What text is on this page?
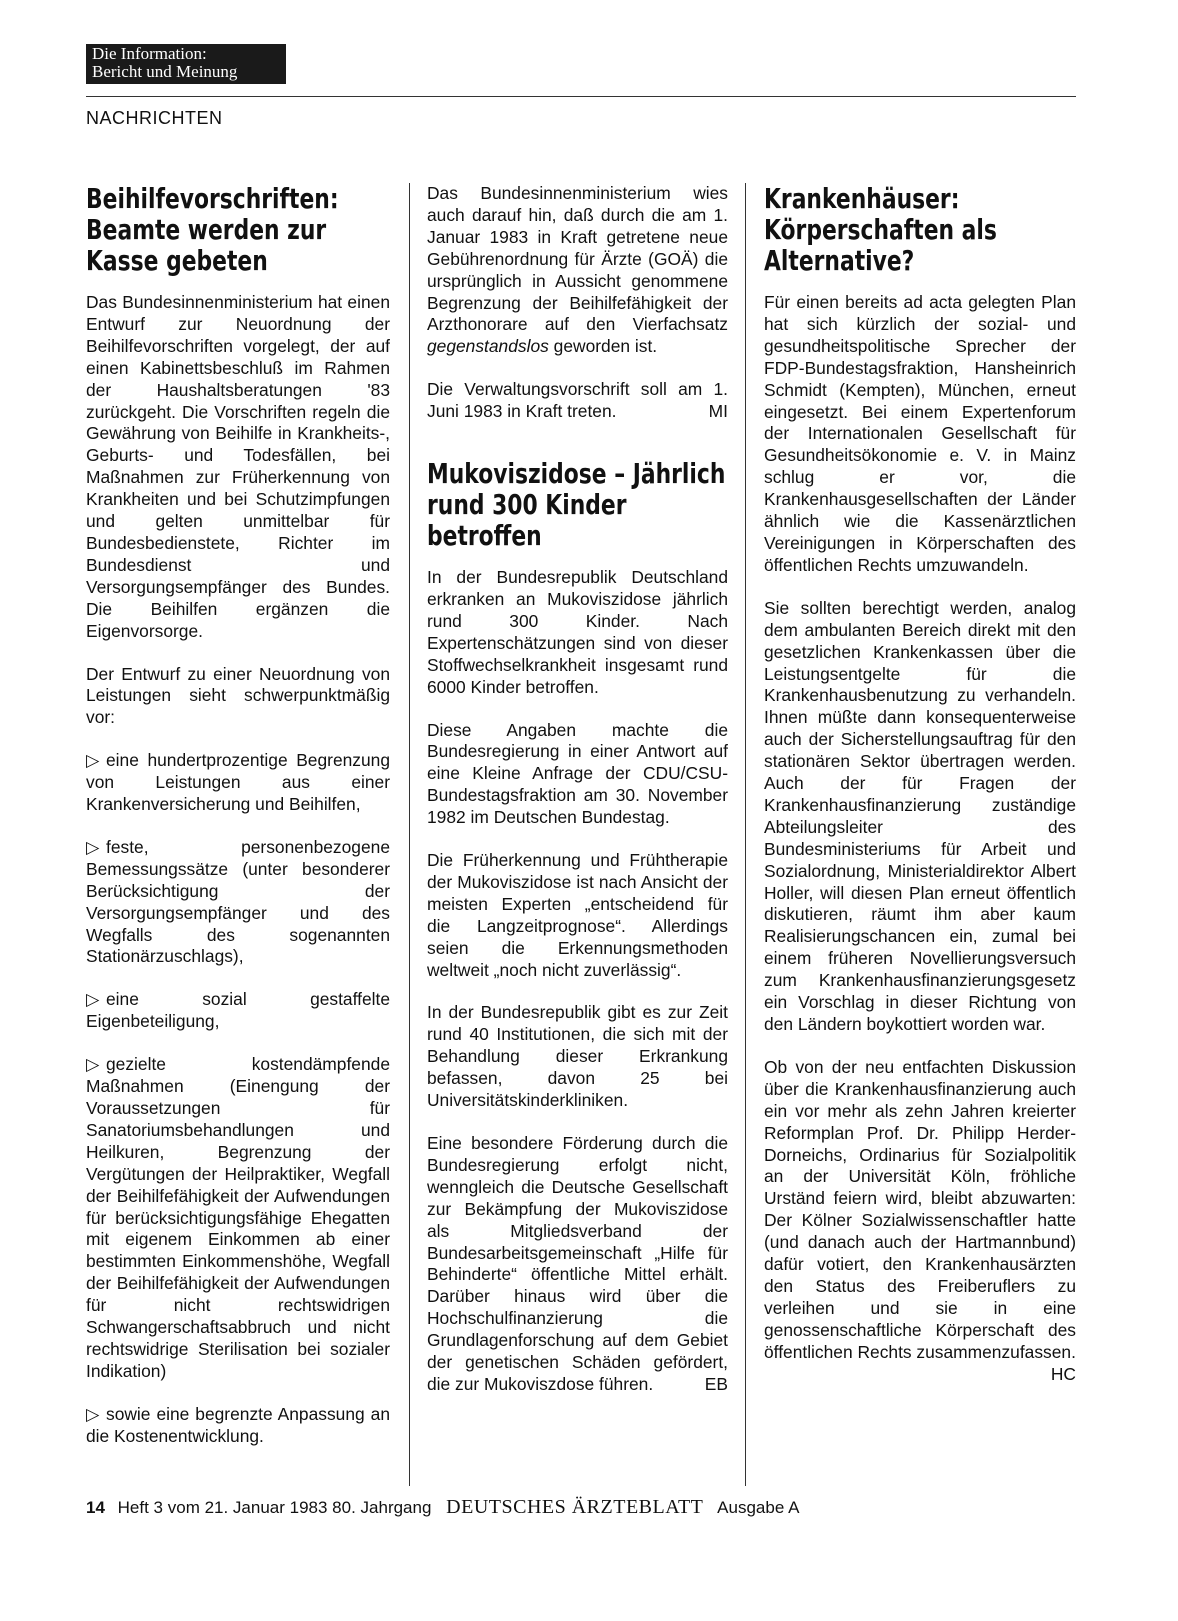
Die Information:
Bericht und Meinung
NACHRICHTEN
Beihilfevorschriften: Beamte werden zur Kasse gebeten

Das Bundesinnenministerium hat einen Entwurf zur Neuordnung der Beihilfevorschriften vorgelegt, der auf einen Kabinettsbeschluß im Rahmen der Haushaltsberatungen '83 zurückgeht. Die Vorschriften regeln die Gewährung von Beihilfe in Krankheits-, Geburts- und Todesfällen, bei Maßnahmen zur Früherkennung von Krankheiten und bei Schutzimpfungen und gelten unmittelbar für Bundesbedienstete, Richter im Bundesdienst und Versorgungsempfänger des Bundes. Die Beihilfen ergänzen die Eigenvorsorge.

Der Entwurf zu einer Neuordnung von Leistungen sieht schwerpunktmäßig vor:

▷ eine hundertprozentige Begrenzung von Leistungen aus einer Krankenversicherung und Beihilfen,

▷ feste, personenbezogene Bemessungssätze (unter besonderer Berücksichtigung der Versorgungsempfänger und des Wegfalls des sogenannten Stationärzuschlags),

▷ eine sozial gestaffelte Eigenbeteiligung,

▷ gezielte kostendämpfende Maßnahmen (Einengung der Voraussetzungen für Sanatoriumsbehandlungen und Heilkuren, Begrenzung der Vergütungen der Heilpraktiker, Wegfall der Beihilfefähigkeit der Aufwendungen für berücksichtigungsfähige Ehegatten mit eigenem Einkommen ab einer bestimmten Einkommenshöhe, Wegfall der Beihilfefähigkeit der Aufwendungen für nicht rechtswidrigen Schwangerschaftsabbruch und nicht rechtswidrige Sterilisation bei sozialer Indikation)

▷ sowie eine begrenzte Anpassung an die Kostenentwicklung.

Das Bundesinnenministerium wies auch darauf hin, daß durch die am 1. Januar 1983 in Kraft getretene neue Gebührenordnung für Ärzte (GOÄ) die ursprünglich in Aussicht genommene Begrenzung der Beihilfefähigkeit der Arzthonorare auf den Vierfachsatz gegenstandslos geworden ist.

Die Verwaltungsvorschrift soll am 1. Juni 1983 in Kraft treten.	MI

Mukoviszidose – Jährlich rund 300 Kinder betroffen

In der Bundesrepublik Deutschland erkranken an Mukoviszidose jährlich rund 300 Kinder. Nach Expertenschätzungen sind von dieser Stoffwechselkrankheit insgesamt rund 6000 Kinder betroffen.

Diese Angaben machte die Bundesregierung in einer Antwort auf eine Kleine Anfrage der CDU/CSU-Bundestagsfraktion am 30. November 1982 im Deutschen Bundestag.

Die Früherkennung und Frühtherapie der Mukoviszidose ist nach Ansicht der meisten Experten „entscheidend für die Langzeitprognose“. Allerdings seien die Erkennungsmethoden weltweit „noch nicht zuverlässig“.

In der Bundesrepublik gibt es zur Zeit rund 40 Institutionen, die sich mit der Behandlung dieser Erkrankung befassen, davon 25 bei Universitätskinderkliniken.

Eine besondere Förderung durch die Bundesregierung erfolgt nicht, wenngleich die Deutsche Gesellschaft zur Bekämpfung der Mukoviszidose als Mitgliedsverband der Bundesarbeitsgemeinschaft „Hilfe für Behinderte“ öffentliche Mittel erhält. Darüber hinaus wird über die Hochschulfinanzierung die Grundlagenforschung auf dem Gebiet der genetischen Schäden gefördert, die zur Mukoviszdose führen.	EB

Krankenhäuser: Körperschaften als Alternative?

Für einen bereits ad acta gelegten Plan hat sich kürzlich der sozial- und gesundheitspolitische Sprecher der FDP-Bundestagsfraktion, Hansheinrich Schmidt (Kempten), München, erneut eingesetzt. Bei einem Expertenforum der Internationalen Gesellschaft für Gesundheitsökonomie e. V. in Mainz schlug er vor, die Krankenhausgesellschaften der Länder ähnlich wie die Kassenärztlichen Vereinigungen in Körperschaften des öffentlichen Rechts umzuwandeln.

Sie sollten berechtigt werden, analog dem ambulanten Bereich direkt mit den gesetzlichen Krankenkassen über die Leistungsentgelte für die Krankenhausbenutzung zu verhandeln. Ihnen müßte dann konsequenterweise auch der Sicherstellungsauftrag für den stationären Sektor übertragen werden. Auch der für Fragen der Krankenhausfinanzierung zuständige Abteilungsleiter des Bundesministeriums für Arbeit und Sozialordnung, Ministerialdirektor Albert Holler, will diesen Plan erneut öffentlich diskutieren, räumt ihm aber kaum Realisierungschancen ein, zumal bei einem früheren Novellierungsversuch zum Krankenhausfinanzierungsgesetz ein Vorschlag in dieser Richtung von den Ländern boykottiert worden war.

Ob von der neu entfachten Diskussion über die Krankenhausfinanzierung auch ein vor mehr als zehn Jahren kreierter Reformplan Prof. Dr. Philipp Herder-Dorneichs, Ordinarius für Sozialpolitik an der Universität Köln, fröhliche Urständ feiern wird, bleibt abzuwarten: Der Kölner Sozialwissenschaftler hatte (und danach auch der Hartmannbund) dafür votiert, den Krankenhausärzten den Status des Freiberuflers zu verleihen und sie in eine genossenschaftliche Körperschaft des öffentlichen Rechts zusammenzufassen.
HC

14 Heft 3 vom 21. Januar 1983 80. Jahrgang DEUTSCHES ÄRZTEBLATT Ausgabe A
